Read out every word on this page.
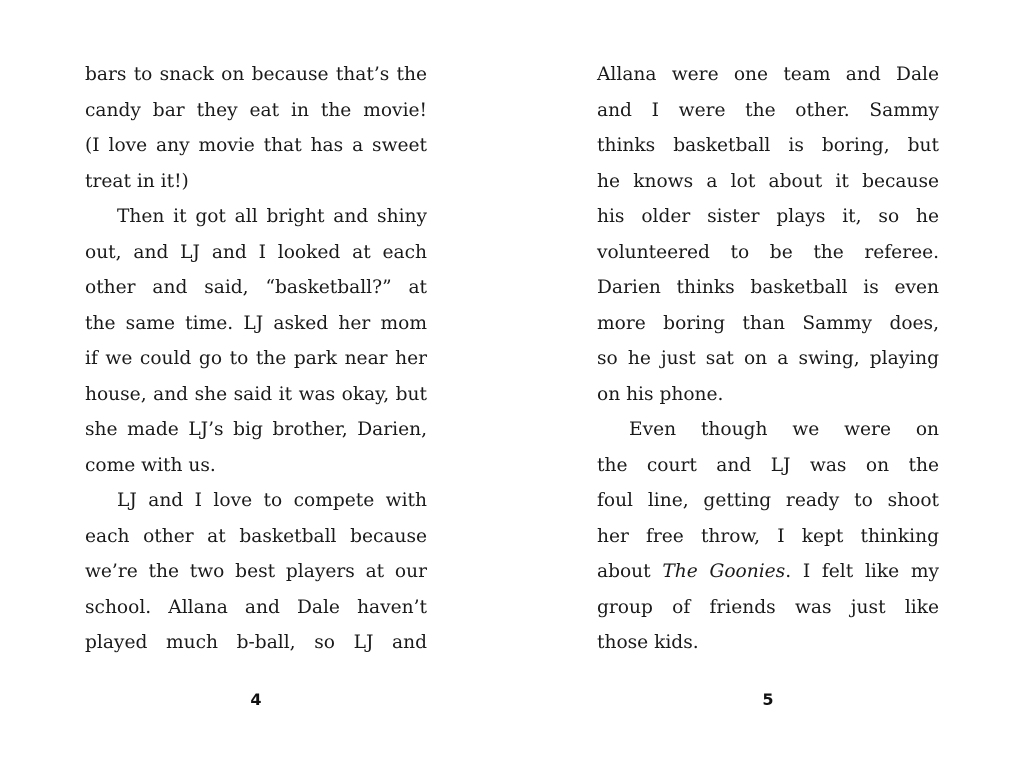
bars to snack on because that’s the
candy bar they eat in the movie!
(I love any movie that has a sweet
treat in it!)
Then it got all bright and shiny
out, and LJ and I looked at each
other and said, “basketball?” at
the same time. LJ asked her mom
if we could go to the park near her
house, and she said it was okay, but
she made LJ’s big brother, Darien,
come with us.
LJ and I love to compete with
each other at basketball because
we’re the two best players at our
school. Allana and Dale haven’t
played much b-ball, so LJ and
Allana were one team and Dale
and I were the other. Sammy
thinks basketball is boring, but
he knows a lot about it because
his older sister plays it, so he
volunteered to be the referee.
Darien thinks basketball is even
more boring than Sammy does,
so he just sat on a swing, playing
on his phone.
Even though we were on
the court and LJ was on the
foul line, getting ready to shoot
her free throw, I kept thinking
about The Goonies. I felt like my
group of friends was just like
those kids.
4	5
